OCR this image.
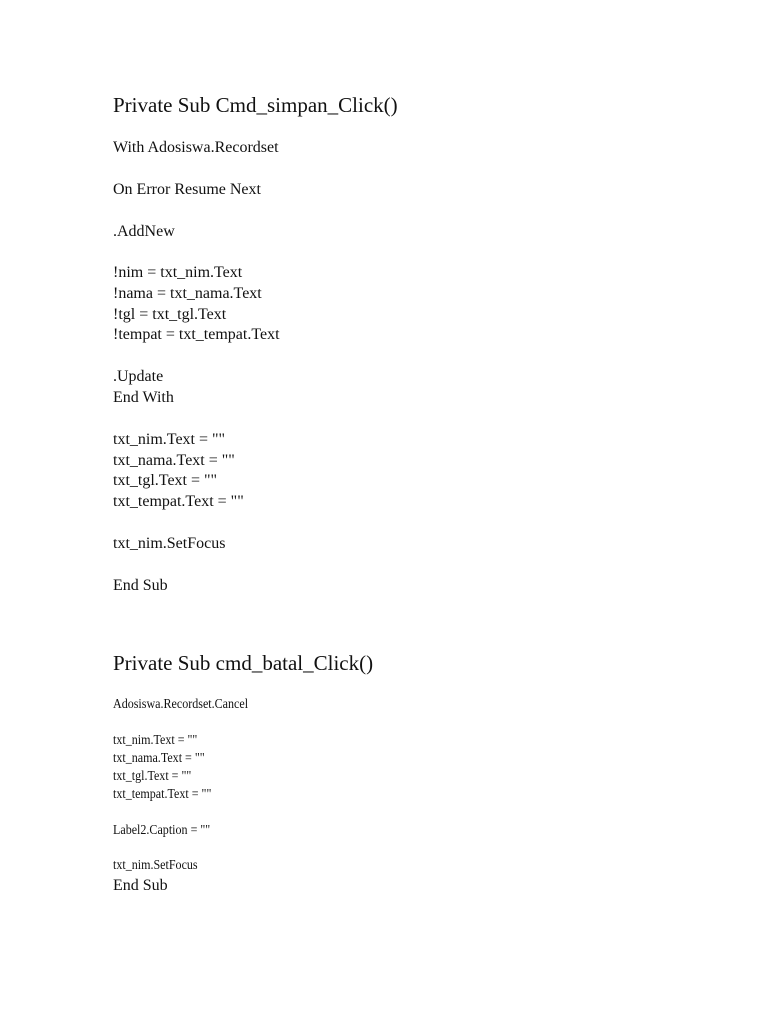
Private Sub Cmd_simpan_Click()

With Adosiswa.Recordset

On Error Resume Next

.AddNew

!nim = txt_nim.Text

!nama = txt_nama.Text

!tgl = txt_tgl.Text

!tempat = txt_tempat.Text

.Update

End With

txt_nim.Text = ""

txt_nama.Text = ""

txt_tgl.Text = ""

txt_tempat.Text = ""

txt_nim.SetFocus

End Sub

Private Sub cmd_batal_Click()

Adosiswa.Recordset.Cancel

txt_nim.Text = ""

txt_nama.Text = ""

txt_tgl.Text = ""

txt_tempat.Text = ""

Label2.Caption = ""

txt_nim.SetFocus

End Sub
